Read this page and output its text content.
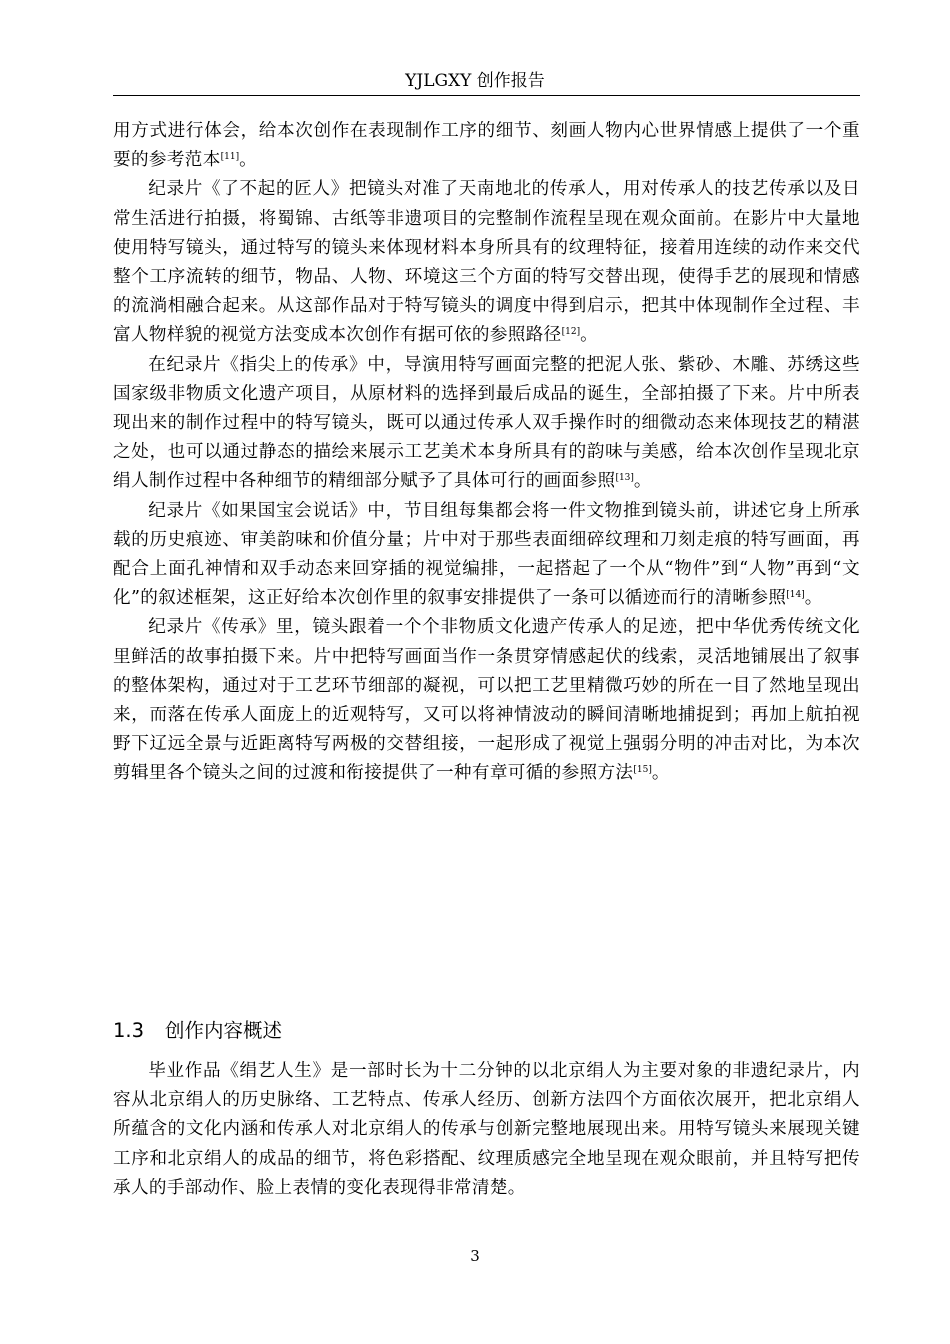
YJLGXY 创作报告

用方式进行体会，给本次创作在表现制作工序的细节、刻画人物内心世界情感上提供了一个重要的参考范本[11]。

纪录片《了不起的匠人》把镜头对准了天南地北的传承人，用对传承人的技艺传承以及日常生活进行拍摄，将蜀锦、古纸等非遗项目的完整制作流程呈现在观众面前。在影片中大量地使用特写镜头，通过特写的镜头来体现材料本身所具有的纹理特征，接着用连续的动作来交代整个工序流转的细节，物品、人物、环境这三个方面的特写交替出现，使得手艺的展现和情感的流淌相融合起来。从这部作品对于特写镜头的调度中得到启示，把其中体现制作全过程、丰富人物样貌的视觉方法变成本次创作有据可依的参照路径[12]。

在纪录片《指尖上的传承》中，导演用特写画面完整的把泥人张、紫砂、木雕、苏绣这些国家级非物质文化遗产项目，从原材料的选择到最后成品的诞生，全部拍摄了下来。片中所表现出来的制作过程中的特写镜头，既可以通过传承人双手操作时的细微动态来体现技艺的精湛之处，也可以通过静态的描绘来展示工艺美术本身所具有的韵味与美感，给本次创作呈现北京绢人制作过程中各种细节的精细部分赋予了具体可行的画面参照[13]。

纪录片《如果国宝会说话》中，节目组每集都会将一件文物推到镜头前，讲述它身上所承载的历史痕迹、审美韵味和价值分量；片中对于那些表面细碎纹理和刀刻走痕的特写画面，再配合上面孔神情和双手动态来回穿插的视觉编排，一起搭起了一个从“物件”到“人物”再到“文化”的叙述框架，这正好给本次创作里的叙事安排提供了一条可以循迹而行的清晰参照[14]。

纪录片《传承》里，镜头跟着一个个非物质文化遗产传承人的足迹，把中华优秀传统文化里鲜活的故事拍摄下来。片中把特写画面当作一条贯穿情感起伏的线索，灵活地铺展出了叙事的整体架构，通过对于工艺环节细部的凝视，可以把工艺里精微巧妙的所在一目了然地呈现出来，而落在传承人面庞上的近观特写，又可以将神情波动的瞬间清晰地捕捉到；再加上航拍视野下辽远全景与近距离特写两极的交替组接，一起形成了视觉上强弱分明的冲击对比，为本次剪辑里各个镜头之间的过渡和衔接提供了一种有章可循的参照方法[15]。

1.3 创作内容概述

毕业作品《绢艺人生》是一部时长为十二分钟的以北京绢人为主要对象的非遗纪录片，内容从北京绢人的历史脉络、工艺特点、传承人经历、创新方法四个方面依次展开，把北京绢人所蕴含的文化内涵和传承人对北京绢人的传承与创新完整地展现出来。用特写镜头来展现关键工序和北京绢人的成品的细节，将色彩搭配、纹理质感完全地呈现在观众眼前，并且特写把传承人的手部动作、脸上表情的变化表现得非常清楚。

3
